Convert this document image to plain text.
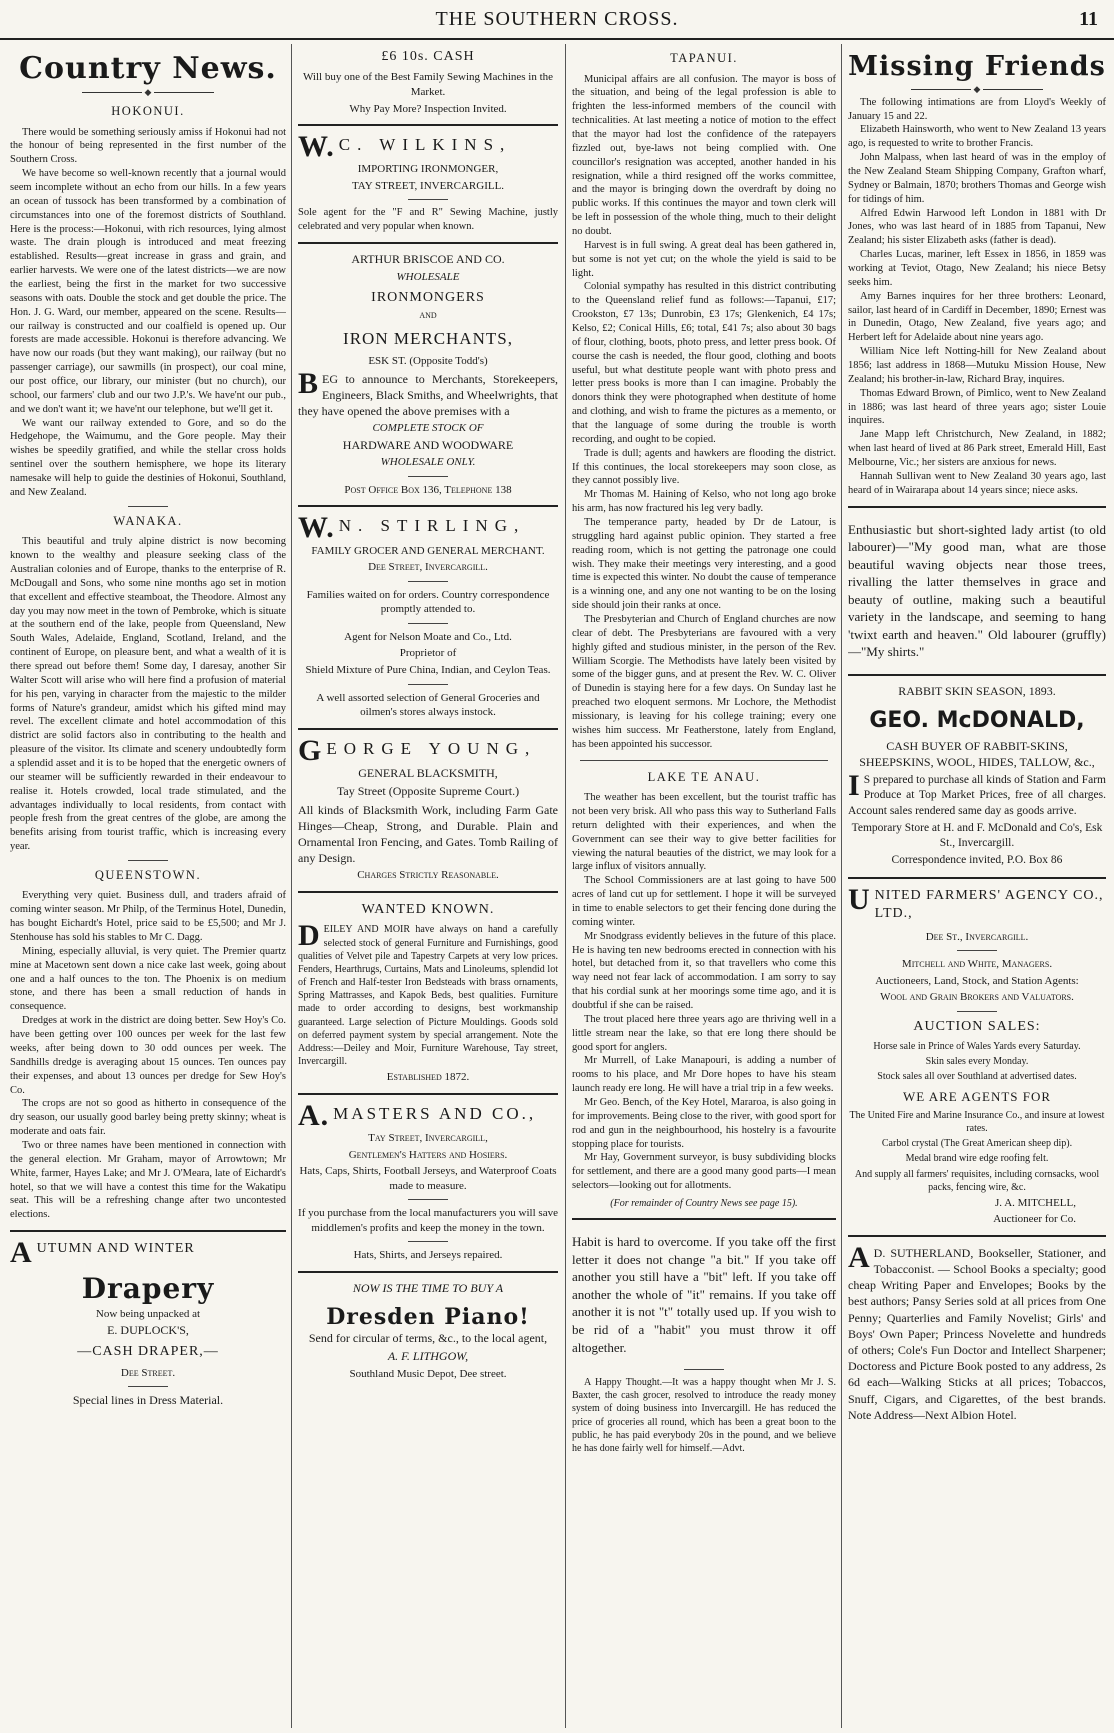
THE SOUTHERN CROSS.	11
Country News.
◆
HOKONUI.

There would be something seriously amiss if Hokonui had not the honour of being represented in the first number of the Southern Cross.

We have become so well-known recently that a journal would seem incomplete without an echo from our hills. In a few years an ocean of tussock has been transformed by a combination of circumstances into one of the foremost districts of Southland. Here is the process:—Hokonui, with rich resources, lying almost waste. The drain plough is introduced and meat freezing established. Results—great increase in grass and grain, and earlier harvests. We were one of the latest districts—we are now the earliest, being the first in the market for two successive seasons with oats. Double the stock and get double the price. The Hon. J. G. Ward, our member, appeared on the scene. Results—our railway is constructed and our coalfield is opened up. Our forests are made accessible. Hokonui is therefore advancing. We have now our roads (but they want making), our railway (but no passenger carriage), our sawmills (in prospect), our coal mine, our post office, our library, our minister (but no church), our school, our farmers' club and our two J.P.'s. We have'nt our pub., and we don't want it; we have'nt our telephone, but we'll get it.

We want our railway extended to Gore, and so do the Hedgehope, the Waimumu, and the Gore people. May their wishes be speedily gratified, and while the stellar cross holds sentinel over the southern hemisphere, we hope its literary namesake will help to guide the destinies of Hokonui, Southland, and New Zealand.

WANAKA.

This beautiful and truly alpine district is now becoming known to the wealthy and pleasure seeking class of the Australian colonies and of Europe, thanks to the enterprise of R. McDougall and Sons, who some nine months ago set in motion that excellent and effective steamboat, the Theodore. Almost any day you may now meet in the town of Pembroke, which is situate at the southern end of the lake, people from Queensland, New South Wales, Adelaide, England, Scotland, Ireland, and the continent of Europe, on pleasure bent, and what a wealth of it is there spread out before them! Some day, I daresay, another Sir Walter Scott will arise who will here find a profusion of material for his pen, varying in character from the majestic to the milder forms of Nature's grandeur, amidst which his gifted mind may revel. The excellent climate and hotel accommodation of this district are solid factors also in contributing to the health and pleasure of the visitor. Its climate and scenery undoubtedly form a splendid asset and it is to be hoped that the energetic owners of our steamer will be sufficiently rewarded in their endeavour to realise it. Hotels crowded, local trade stimulated, and the advantages individually to local residents, from contact with people fresh from the great centres of the globe, are among the benefits arising from tourist traffic, which is increasing every year.

QUEENSTOWN.

Everything very quiet. Business dull, and traders afraid of coming winter season. Mr Philp, of the Terminus Hotel, Dunedin, has bought Eichardt's Hotel, price said to be £5,500; and Mr J. Stenhouse has sold his stables to Mr C. Dagg.

Mining, especially alluvial, is very quiet. The Premier quartz mine at Macetown sent down a nice cake last week, going about one and a half ounces to the ton. The Phoenix is on medium stone, and there has been a small reduction of hands in consequence.

Dredges at work in the district are doing better. Sew Hoy's Co. have been getting over 100 ounces per week for the last few weeks, after being down to 30 odd ounces per week. The Sandhills dredge is averaging about 15 ounces. Ten ounces pay their expenses, and about 13 ounces per dredge for Sew Hoy's Co.

The crops are not so good as hitherto in consequence of the dry season, our usually good barley being pretty skinny; wheat is moderate and oats fair.

Two or three names have been mentioned in connection with the general election. Mr Graham, mayor of Arrowtown; Mr White, farmer, Hayes Lake; and Mr J. O'Meara, late of Eichardt's hotel, so that we will have a contest this time for the Wakatipu seat. This will be a refreshing change after two uncontested elections.

A UTUMN AND WINTER
Drapery
Now being unpacked at
E. DUPLOCK'S,
—CASH DRAPER,—
Dee Street.
Special lines in Dress Material.
£6 10s. CASH
Will buy one of the Best Family Sewing Machines in the Market.
Why Pay More? Inspection Invited.
W. C. WILKINS,
IMPORTING IRONMONGER,
TAY STREET, INVERCARGILL.

Sole agent for the "F and R" Sewing Machine, justly celebrated and very popular when known.

ARTHUR BRISCOE AND CO.
WHOLESALE
IRONMONGERS
AND
IRON MERCHANTS,
ESK ST. (Opposite Todd's)
B EG to announce to Merchants, Storekeepers, Engineers, Black Smiths, and Wheelwrights, that they have opened the above premises with a
COMPLETE STOCK OF
HARDWARE AND WOODWARE
WHOLESALE ONLY.
Post Office Box 136, Telephone 138
W. N. STIRLING,
FAMILY GROCER AND GENERAL MERCHANT.
Dee Street, Invercargill.
Families waited on for orders. Country correspondence promptly attended to.
Agent for Nelson Moate and Co., Ltd.
Proprietor of
Shield Mixture of Pure China, Indian, and Ceylon Teas.
A well assorted selection of General Groceries and oilmen's stores always instock.
G EORGE YOUNG,
GENERAL BLACKSMITH,
Tay Street (Opposite Supreme Court.)
All kinds of Blacksmith Work, including Farm Gate Hinges—Cheap, Strong, and Durable. Plain and Ornamental Iron Fencing, and Gates. Tomb Railing of any Design.
Charges Strictly Reasonable.
WANTED KNOWN.
D EILEY AND MOIR have always on hand a carefully selected stock of general Furniture and Furnishings, good qualities of Velvet pile and Tapestry Carpets at very low prices. Fenders, Hearthrugs, Curtains, Mats and Linoleums, splendid lot of French and Half-tester Iron Bedsteads with brass ornaments, Spring Mattrasses, and Kapok Beds, best qualities. Furniture made to order according to designs, best workmanship guaranteed. Large selection of Picture Mouldings. Goods sold on deferred payment system by special arrangement. Note the Address:—Deiley and Moir, Furniture Warehouse, Tay street, Invercargill.
Established 1872.
A. MASTERS AND CO.,
Tay Street, Invercargill,
Gentlemen's Hatters and Hosiers.
Hats, Caps, Shirts, Football Jerseys, and Waterproof Coats made to measure.
If you purchase from the local manufacturers you will save middlemen's profits and keep the money in the town.
Hats, Shirts, and Jerseys repaired.
NOW IS THE TIME TO BUY A
Dresden Piano!
Send for circular of terms, &c., to the local agent,
A. F. LITHGOW,
Southland Music Depot, Dee street.
TAPANUI.

Municipal affairs are all confusion. The mayor is boss of the situation, and being of the legal profession is able to frighten the less-informed members of the council with technicalities. At last meeting a notice of motion to the effect that the mayor had lost the confidence of the ratepayers fizzled out, bye-laws not being complied with. One councillor's resignation was accepted, another handed in his resignation, while a third resigned off the works committee, and the mayor is bringing down the overdraft by doing no public works. If this continues the mayor and town clerk will be left in possession of the whole thing, much to their delight no doubt.

Harvest is in full swing. A great deal has been gathered in, but some is not yet cut; on the whole the yield is said to be light.

Colonial sympathy has resulted in this district contributing to the Queensland relief fund as follows:—Tapanui, £17; Crookston, £7 13s; Dunrobin, £3 17s; Glenkenich, £4 17s; Kelso, £2; Conical Hills, £6; total, £41 7s; also about 30 bags of flour, clothing, boots, photo press, and letter press book. Of course the cash is needed, the flour good, clothing and boots useful, but what destitute people want with photo press and letter press books is more than I can imagine. Probably the donors think they were photographed when destitute of home and clothing, and wish to frame the pictures as a memento, or that the language of some during the trouble is worth recording, and ought to be copied.

Trade is dull; agents and hawkers are flooding the district. If this continues, the local storekeepers may soon close, as they cannot possibly live.

Mr Thomas M. Haining of Kelso, who not long ago broke his arm, has now fractured his leg very badly.

The temperance party, headed by Dr de Latour, is struggling hard against public opinion. They started a free reading room, which is not getting the patronage one could wish. They make their meetings very interesting, and a good time is expected this winter. No doubt the cause of temperance is a winning one, and any one not wanting to be on the losing side should join their ranks at once.

The Presbyterian and Church of England churches are now clear of debt. The Presbyterians are favoured with a very highly gifted and studious minister, in the person of the Rev. William Scorgie. The Methodists have lately been visited by some of the bigger guns, and at present the Rev. W. C. Oliver of Dunedin is staying here for a few days. On Sunday last he preached two eloquent sermons. Mr Lochore, the Methodist missionary, is leaving for his college training; every one wishes him success. Mr Featherstone, lately from England, has been appointed his successor.

LAKE TE ANAU.

The weather has been excellent, but the tourist traffic has not been very brisk. All who pass this way to Sutherland Falls return delighted with their experiences, and when the Government can see their way to give better facilities for viewing the natural beauties of the district, we may look for a large influx of visitors annually.

The School Commissioners are at last going to have 500 acres of land cut up for settlement. I hope it will be surveyed in time to enable selectors to get their fencing done during the coming winter.

Mr Snodgrass evidently believes in the future of this place. He is having ten new bedrooms erected in connection with his hotel, but detached from it, so that travellers who come this way need not fear lack of accommodation. I am sorry to say that his cordial sunk at her moorings some time ago, and it is doubtful if she can be raised.

The trout placed here three years ago are thriving well in a little stream near the lake, so that ere long there should be good sport for anglers.

Mr Murrell, of Lake Manapouri, is adding a number of rooms to his place, and Mr Dore hopes to have his steam launch ready ere long. He will have a trial trip in a few weeks.

Mr Geo. Bench, of the Key Hotel, Mararoa, is also going in for improvements. Being close to the river, with good sport for rod and gun in the neighbourhood, his hostelry is a favourite stopping place for tourists.

Mr Hay, Government surveyor, is busy subdividing blocks for settlement, and there are a good many good parts—I mean selectors—looking out for allotments.

(For remainder of Country News see page 15).

Habit is hard to overcome. If you take off the first letter it does not change "a bit." If you take off another you still have a "bit" left. If you take off another the whole of "it" remains. If you take off another it is not "t" totally used up. If you wish to be rid of a "habit" you must throw it off altogether.

A Happy Thought.—It was a happy thought when Mr J. S. Baxter, the cash grocer, resolved to introduce the ready money system of doing business into Invercargill. He has reduced the price of groceries all round, which has been a great boon to the public, he has paid everybody 20s in the pound, and we believe he has done fairly well for himself.—Advt.

Missing Friends
◆

The following intimations are from Lloyd's Weekly of January 15 and 22.

Elizabeth Hainsworth, who went to New Zealand 13 years ago, is requested to write to brother Francis.

John Malpass, when last heard of was in the employ of the New Zealand Steam Shipping Company, Grafton wharf, Sydney or Balmain, 1870; brothers Thomas and George wish for tidings of him.

Alfred Edwin Harwood left London in 1881 with Dr Jones, who was last heard of in 1885 from Tapanui, New Zealand; his sister Elizabeth asks (father is dead).

Charles Lucas, mariner, left Essex in 1856, in 1859 was working at Teviot, Otago, New Zealand; his niece Betsy seeks him.

Amy Barnes inquires for her three brothers: Leonard, sailor, last heard of in Cardiff in December, 1890; Ernest was in Dunedin, Otago, New Zealand, five years ago; and Herbert left for Adelaide about nine years ago.

William Nice left Notting-hill for New Zealand about 1856; last address in 1868—Mutuku Mission House, New Zealand; his brother-in-law, Richard Bray, inquires.

Thomas Edward Brown, of Pimlico, went to New Zealand in 1886; was last heard of three years ago; sister Louie inquires.

Jane Mapp left Christchurch, New Zealand, in 1882; when last heard of lived at 86 Park street, Emerald Hill, East Melbourne, Vic.; her sisters are anxious for news.

Hannah Sullivan went to New Zealand 30 years ago, last heard of in Wairarapa about 14 years since; niece asks.

Enthusiastic but short-sighted lady artist (to old labourer)—"My good man, what are those beautiful waving objects near those trees, rivalling the latter themselves in grace and beauty of outline, making such a beautiful variety in the landscape, and seeming to hang 'twixt earth and heaven." Old labourer (gruffly)—"My shirts."

RABBIT SKIN SEASON, 1893.
GEO. McDONALD,
CASH BUYER OF RABBIT-SKINS, SHEEPSKINS, WOOL, HIDES, TALLOW, &c.,
I S prepared to purchase all kinds of Station and Farm Produce at Top Market Prices, free of all charges. Account sales rendered same day as goods arrive.
Temporary Store at H. and F. McDonald and Co's, Esk St., Invercargill.
Correspondence invited, P.O. Box 86
U NITED FARMERS' AGENCY CO., LTD.,
Dee St., Invercargill.
Mitchell and White, Managers.
Auctioneers, Land, Stock, and Station Agents:
Wool and Grain Brokers and Valuators.
AUCTION SALES:
Horse sale in Prince of Wales Yards every Saturday.
Skin sales every Monday.
Stock sales all over Southland at advertised dates.
WE ARE AGENTS FOR
The United Fire and Marine Insurance Co., and insure at lowest rates.
Carbol crystal (The Great American sheep dip).
Medal brand wire edge roofing felt.
And supply all farmers' requisites, including cornsacks, wool packs, fencing wire, &c.
J. A. MITCHELL,
Auctioneer for Co.
A D. SUTHERLAND, Bookseller, Stationer, and Tobacconist. — School Books a specialty; good cheap Writing Paper and Envelopes; Books by the best authors; Pansy Series sold at all prices from One Penny; Quarterlies and Family Novelist; Girls' and Boys' Own Paper; Princess Novelette and hundreds of others; Cole's Fun Doctor and Intellect Sharpener; Doctoress and Picture Book posted to any address, 2s 6d each—Walking Sticks at all prices; Tobaccos, Snuff, Cigars, and Cigarettes, of the best brands. Note Address—Next Albion Hotel.
